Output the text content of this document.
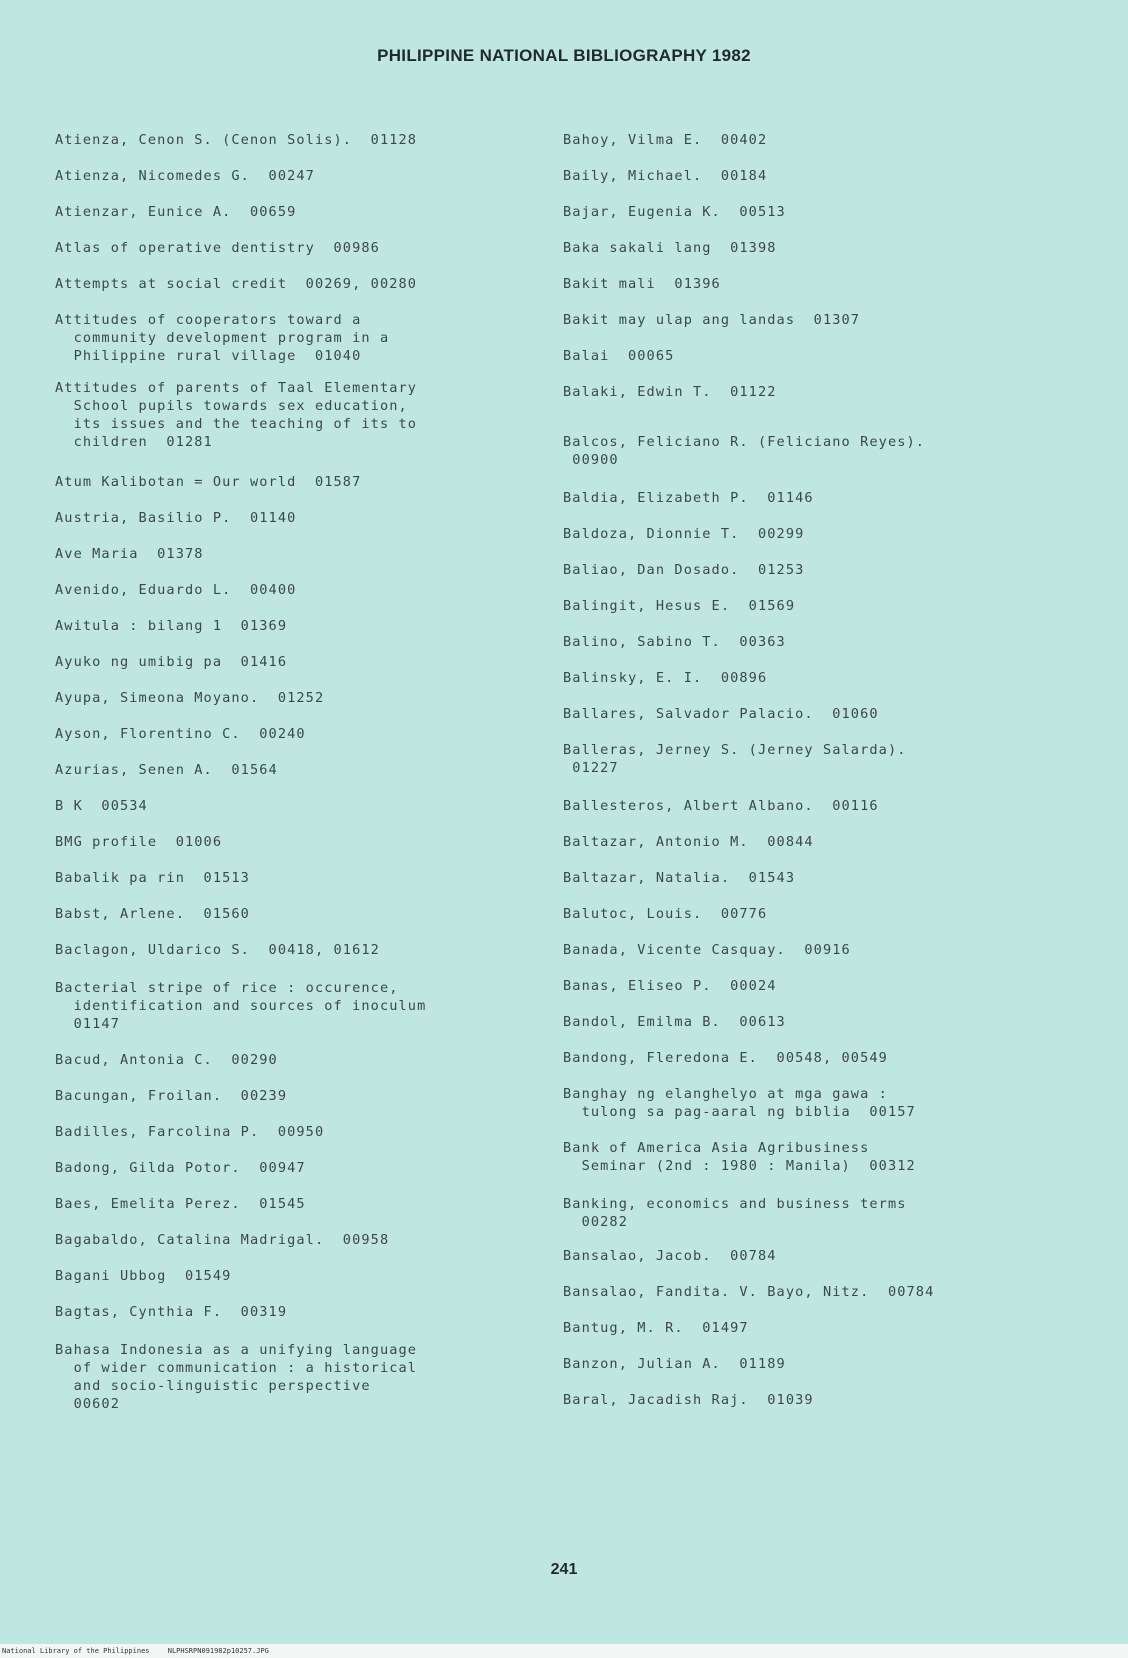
PHILIPPINE NATIONAL BIBLIOGRAPHY 1982
Atienza, Cenon S. (Cenon Solis).  01128
Atienza, Nicomedes G.  00247
Atienzar, Eunice A.  00659
Atlas of operative dentistry  00986
Attempts at social credit  00269, 00280
Attitudes of cooperators toward a
community development program in a
Philippine rural village  01040
Attitudes of parents of Taal Elementary
School pupils towards sex education,
its issues and the teaching of its to
children  01281
Atum Kalibotan = Our world  01587
Austria, Basilio P.  01140
Ave Maria  01378
Avenido, Eduardo L.  00400
Awitula : bilang 1  01369
Ayuko ng umibig pa  01416
Ayupa, Simeona Moyano.  01252
Ayson, Florentino C.  00240
Azurias, Senen A.  01564
B K  00534
BMG profile  01006
Babalik pa rin  01513
Babst, Arlene.  01560
Baclagon, Uldarico S.  00418, 01612
Bacterial stripe of rice : occurence,
identification and sources of inoculum
01147
Bacud, Antonia C.  00290
Bacungan, Froilan.  00239
Badilles, Farcolina P.  00950
Badong, Gilda Potor.  00947
Baes, Emelita Perez.  01545
Bagabaldo, Catalina Madrigal.  00958
Bagani Ubbog  01549
Bagtas, Cynthia F.  00319
Bahasa Indonesia as a unifying language
of wider communication : a historical
and socio-linguistic perspective
00602
Bahoy, Vilma E.  00402
Baily, Michael.  00184
Bajar, Eugenia K.  00513
Baka sakali lang  01398
Bakit mali  01396
Bakit may ulap ang landas  01307
Balai  00065
Balaki, Edwin T.  01122
Balcos, Feliciano R. (Feliciano Reyes).
00900
Baldia, Elizabeth P.  01146
Baldoza, Dionnie T.  00299
Baliao, Dan Dosado.  01253
Balingit, Hesus E.  01569
Balino, Sabino T.  00363
Balinsky, E. I.  00896
Ballares, Salvador Palacio.  01060
Balleras, Jerney S. (Jerney Salarda).
01227
Ballesteros, Albert Albano.  00116
Baltazar, Antonio M.  00844
Baltazar, Natalia.  01543
Balutoc, Louis.  00776
Banada, Vicente Casquay.  00916
Banas, Eliseo P.  00024
Bandol, Emilma B.  00613
Bandong, Fleredona E.  00548, 00549
Banghay ng elanghelyo at mga gawa :
tulong sa pag-aaral ng biblia  00157
Bank of America Asia Agribusiness
Seminar (2nd : 1980 : Manila)  00312
Banking, economics and business terms
00282
Bansalao, Jacob.  00784
Bansalao, Fandita. V. Bayo, Nitz.  00784
Bantug, M. R.  01497
Banzon, Julian A.  01189
Baral, Jacadish Raj.  01039
241
National Library of the Philippines	NLPHSRPN091982p10257.JPG
